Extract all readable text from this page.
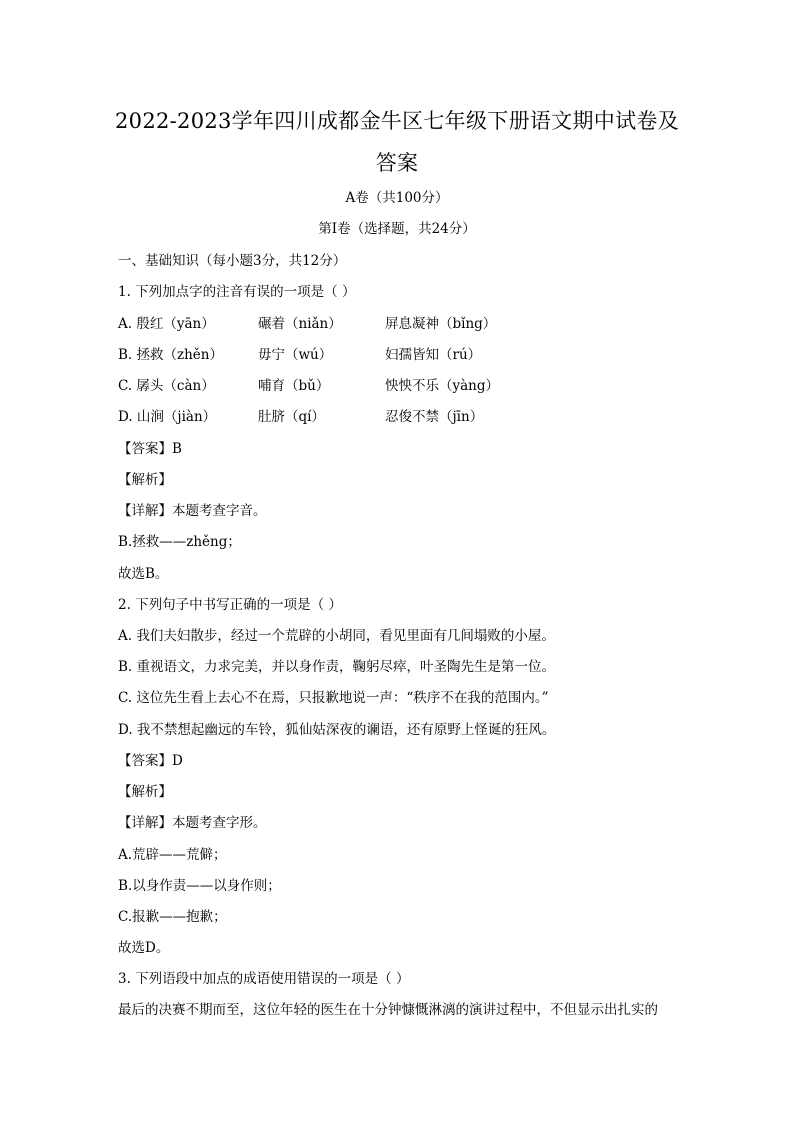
2022-2023学年四川成都金牛区七年级下册语文期中试卷及
答案
A卷（共100分）
第Ⅰ卷（选择题，共24分）
一、基础知识（每小题3分，共12分）
1. 下列加点字的注音有误的一项是（ ）
A. 殷红（yān）	碾着（niǎn）	屏息凝神（bǐng）
B. 拯救（zhěn）	毋宁（wú）	妇孺皆知（rú）
C. 孱头（càn）	哺育（bǔ）	怏怏不乐（yàng）
D. 山涧（jiàn）	肚脐（qí）	忍俊不禁（jīn）
【答案】B
【解析】
【详解】本题考查字音。
B.拯救——zhěng；
故选B。
2. 下列句子中书写正确的一项是（ ）
A. 我们夫妇散步，经过一个荒辟的小胡同，看见里面有几间塌败的小屋。
B. 重视语文，力求完美，并以身作责，鞠躬尽瘁，叶圣陶先生是第一位。
C. 这位先生看上去心不在焉，只报歉地说一声：“秩序不在我的范围内。”
D. 我不禁想起幽远的车铃，狐仙姑深夜的谰语，还有原野上怪诞的狂风。
【答案】D
【解析】
【详解】本题考查字形。
A.荒辟——荒僻；
B.以身作责——以身作则；
C.报歉——抱歉；
故选D。
3. 下列语段中加点的成语使用错误的一项是（ ）
最后的决赛不期而至，这位年轻的医生在十分钟慷慨淋漓的演讲过程中，不但显示出扎实的
